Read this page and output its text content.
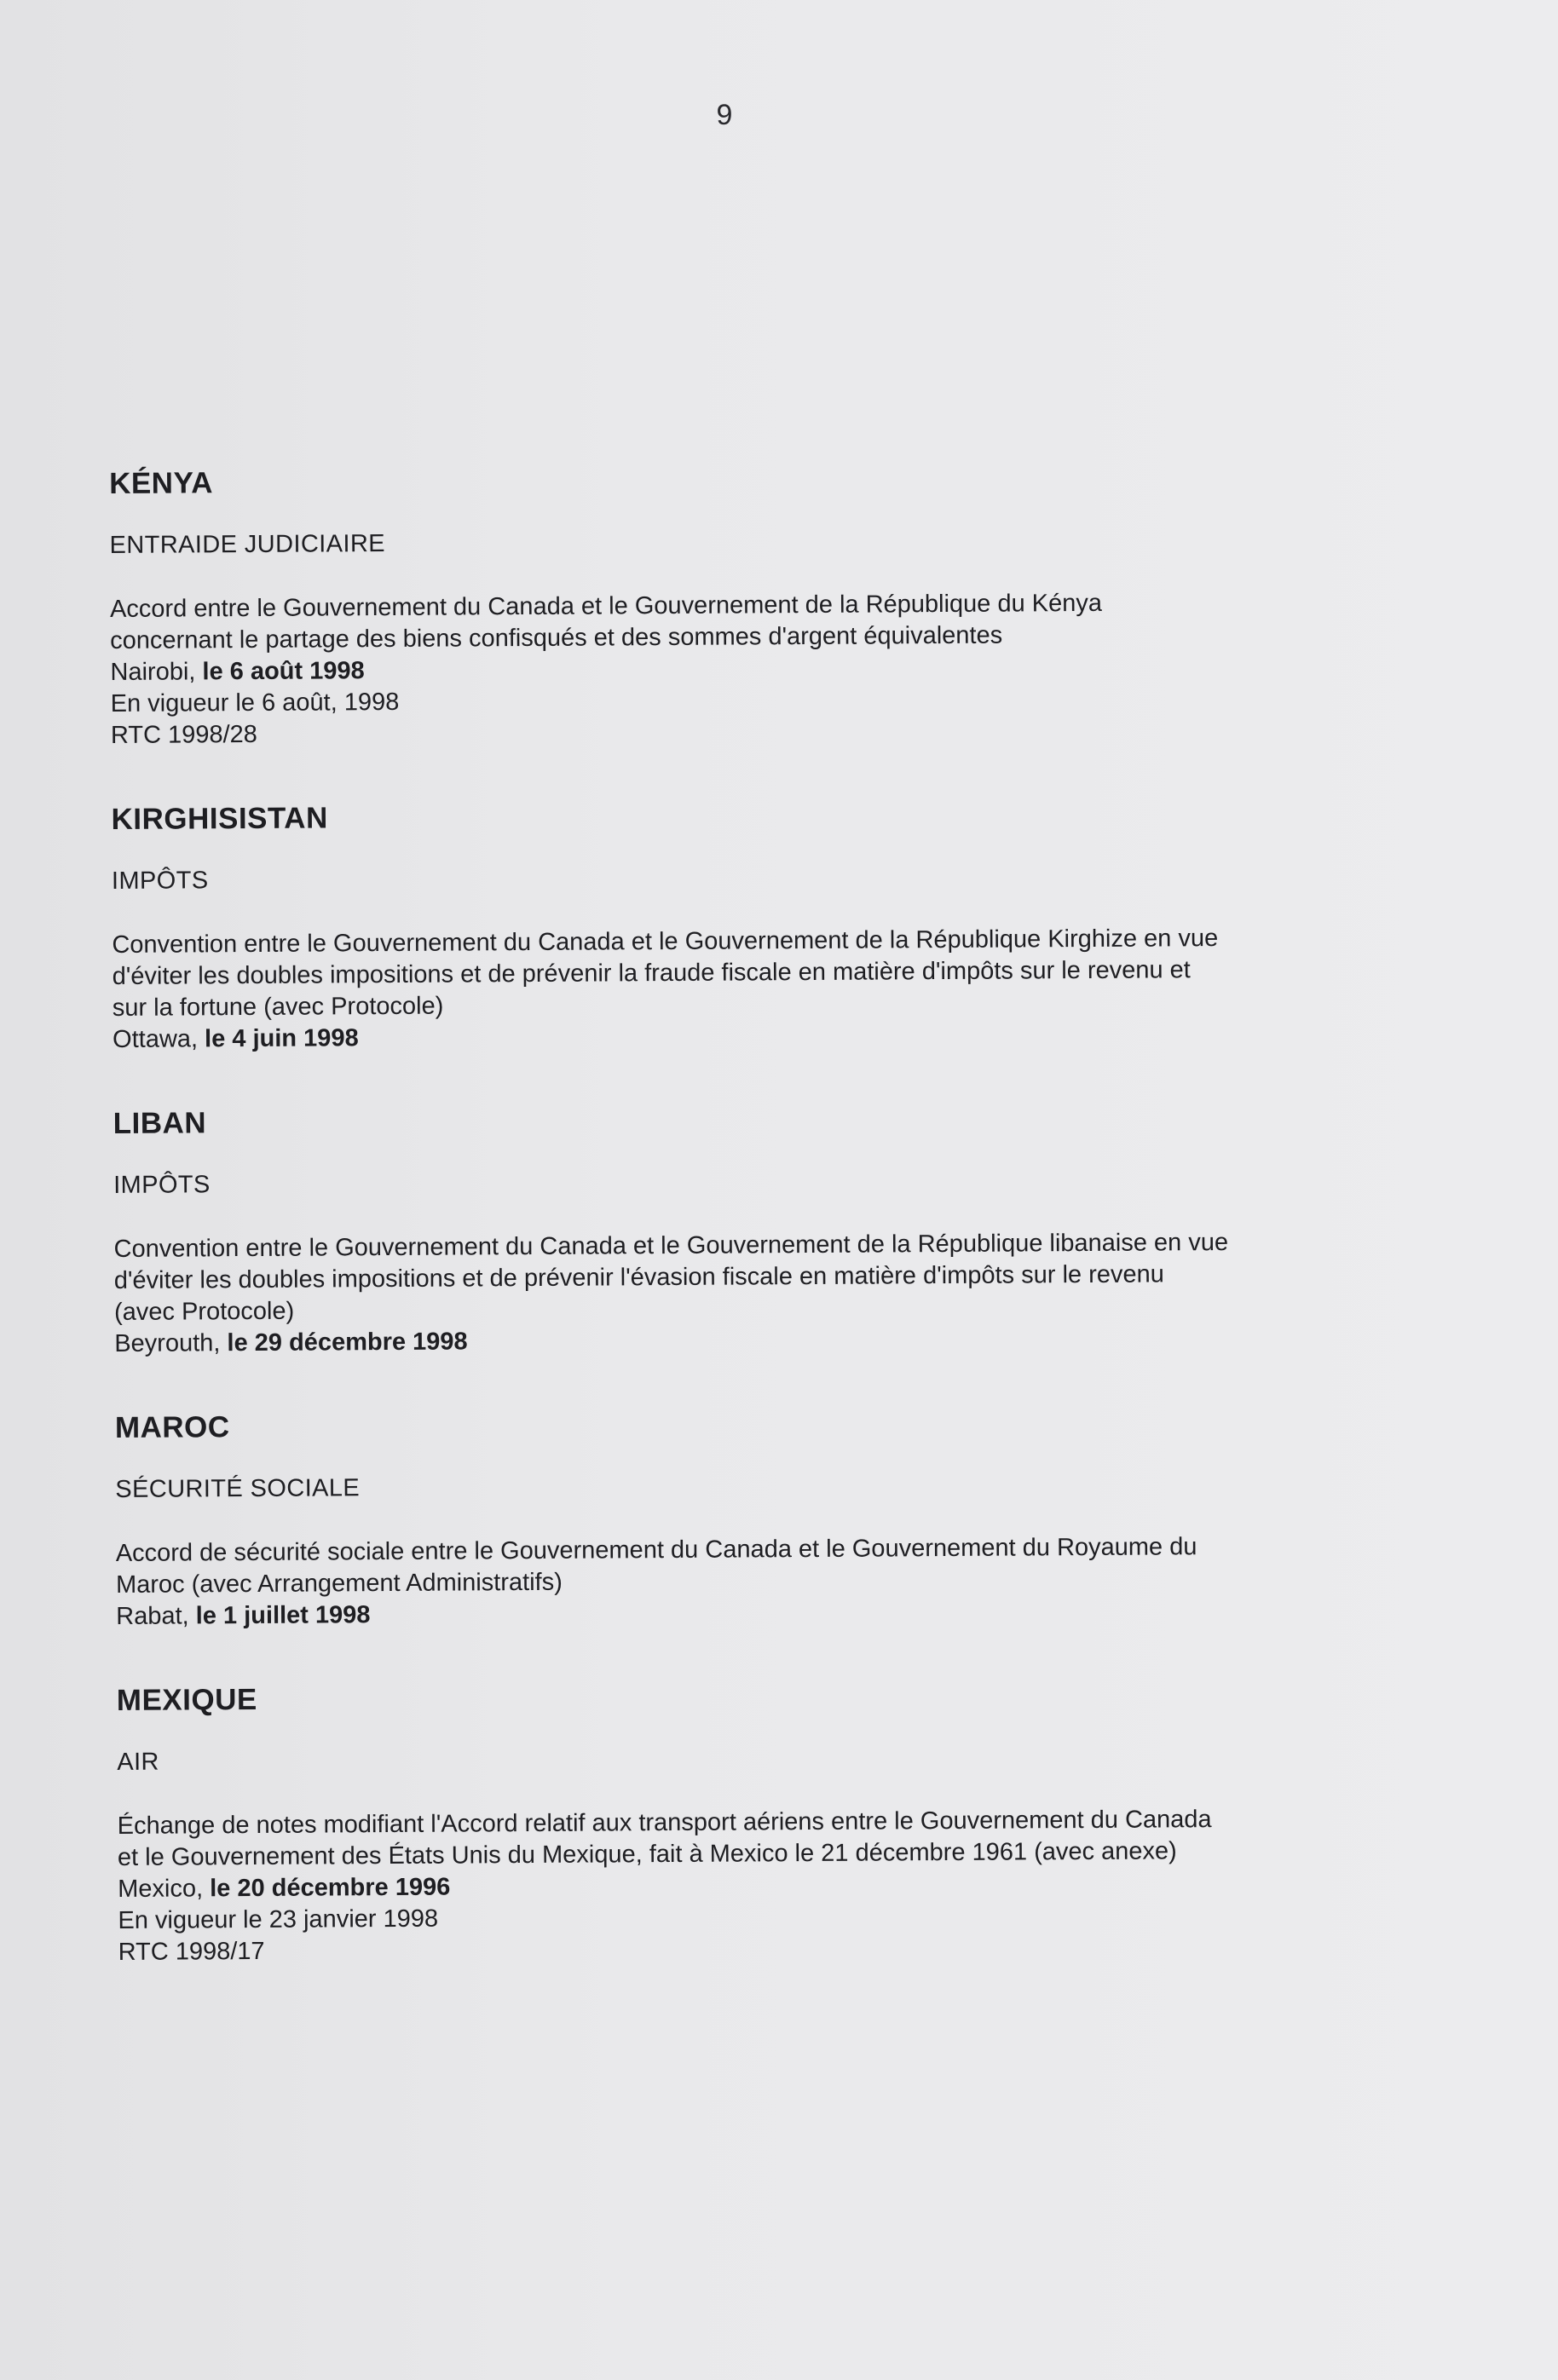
9
KÉNYA
ENTRAIDE JUDICIAIRE

Accord entre le Gouvernement du Canada et le Gouvernement de la République du Kénya

concernant le partage des biens confisqués et des sommes d'argent équivalentes

Nairobi, le 6 août 1998

En vigueur le 6 août, 1998

RTC 1998/28

KIRGHISISTAN
IMPÔTS

Convention entre le Gouvernement du Canada et le Gouvernement de la République Kirghize en vue

d'éviter les doubles impositions et de prévenir la fraude fiscale en matière d'impôts sur le revenu et

sur la fortune (avec Protocole)

Ottawa, le 4 juin 1998

LIBAN
IMPÔTS

Convention entre le Gouvernement du Canada et le Gouvernement de la République libanaise en vue

d'éviter les doubles impositions et de prévenir l'évasion fiscale en matière d'impôts sur le revenu

(avec Protocole)

Beyrouth, le 29 décembre 1998

MAROC
SÉCURITÉ SOCIALE

Accord de sécurité sociale entre le Gouvernement du Canada et le Gouvernement du Royaume du

Maroc (avec Arrangement Administratifs)

Rabat, le 1 juillet 1998

MEXIQUE
AIR

Échange de notes modifiant l'Accord relatif aux transport aériens entre le Gouvernement du Canada

et le Gouvernement des États Unis du Mexique, fait à Mexico le 21 décembre 1961 (avec anexe)

Mexico, le 20 décembre 1996

En vigueur le 23 janvier 1998

RTC 1998/17
